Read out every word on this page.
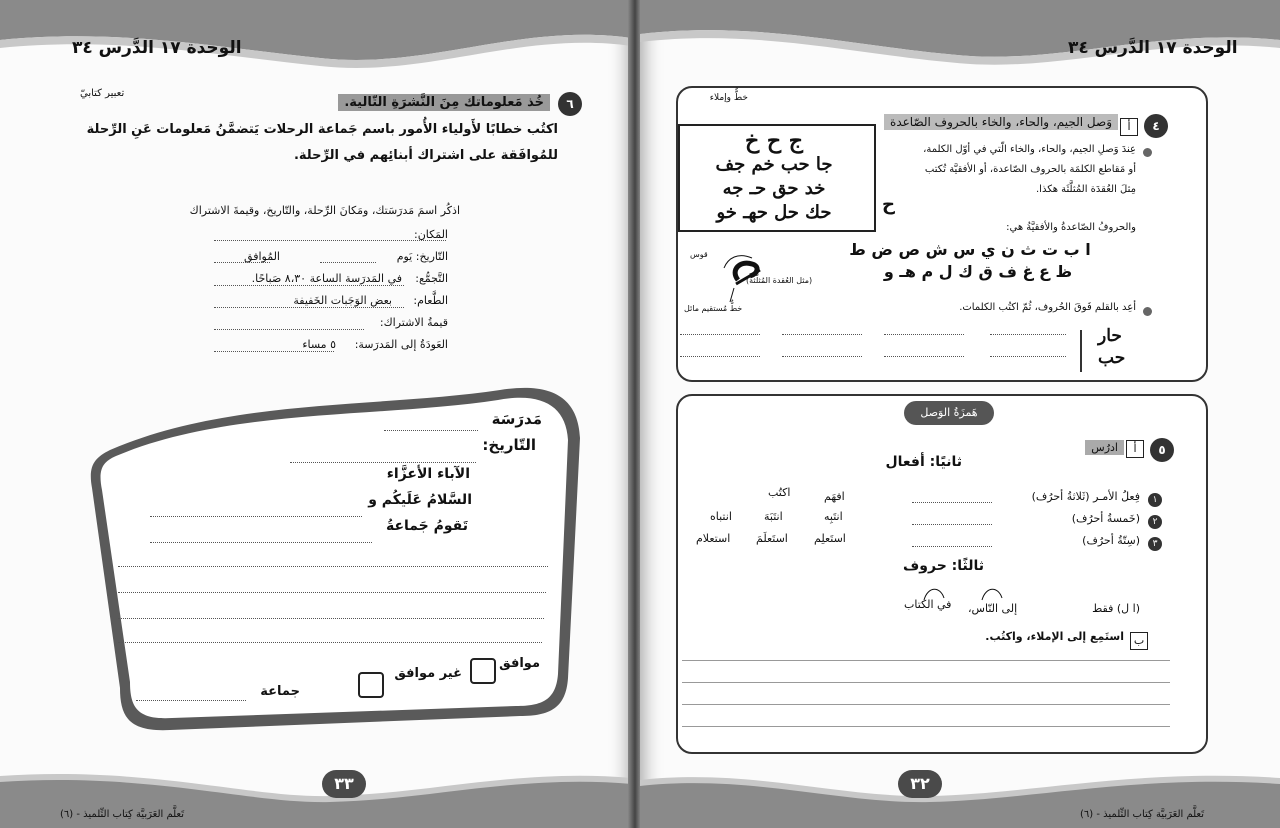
الوحدة ١٧ الدَّرس ٣٤
تعبير كتابيّ
٦
خُذ مَعلوماتك مِنَ النَّشرَةِ التّالية.
اكتُب خطابًا لأَولياء الأُمور باسم جَماعة الرحلات يَتضمَّنُ مَعلومات عَنِ الرِّحلة
للمُوافَقة على اشتراك أبنائِهم في الرِّحلة.
اذكُر اسمَ مَدرَسَتك، ومَكانَ الرِّحلة، والتّاريخ، وقيمةَ الاشتراك
المَكان:
التّاريخ: يَوم
المُوافق
التَّجمُّع:
في المَدرَسة الساعة ٨،٣٠ صَباحًا.
الطَّعام:
بعض الوَجَبات الخَفيفة
قيمةُ الاشتراك:
العَودَةُ إلى المَدرَسة:
٥ مساء
مَدرَسَة
التّاريخ:
الآباء الأعزَّاء
السَّلامُ عَلَيكُم و
تَقومُ جَماعةُ
موافق
غير موافق
جماعة
٣٣
تَعلَّم العَرَبيَّة كِتاب التِّلميذ - (٦)
الوحدة ١٧ الدَّرس ٣٤
خطٌّ وإملاء
٤
أ
وَصل الجيم، والحاء، والخاء بالحروف الصّاعدة
ج ح خ
جا حب خم جف
خد حق حـ جه
حك حل حهـ خو
عِندَ وَصلِ الجيم، والحاء، والخاء الّتي في أوّل الكلمة،
أو مَقاطع الكلمَة بالحروف الصّاعدة، أو الأفقيَّة تُكتب
مِثلَ العُقدَة المُثلَّثَة هكذا.
ح
والحروفُ الصّاعدةُ والأفقيَّةُ هي:
ا ب ت ث ن ي س ش ص ض ط
ظ ع غ ف ق ك ل م هـ و
قوس
(مثل العُقدة المُثلّثة)
خطٌّ مُستقيم مائل	أعِد بالقلم فَوقَ الحُروف، ثُمّ اكتُب الكلمات.
حار
حب
هَمزَةُ الوَصل
٥
أ
ادرُس
ثانيًا: أفعال
١
فِعلُ الأمـر (ثَلاثةُ أحرُف)
اكتُب	افهَم
٢
(خَمسةُ أحرُف)
انتَبِه
انتَبَهَ
انتباه
٣
(سِتّةُ أحرُف)
استَعلِم
استَعلَمَ
استعلام
ثالثًا: حروف
(ا ل) فقط
إلى النّاس،
في الكتاب
ب
استَمِع إلى الإملاء، واكتُب.
٣٢
تَعلَّم العَرَبيَّة كِتاب التِّلميذ - (٦)
